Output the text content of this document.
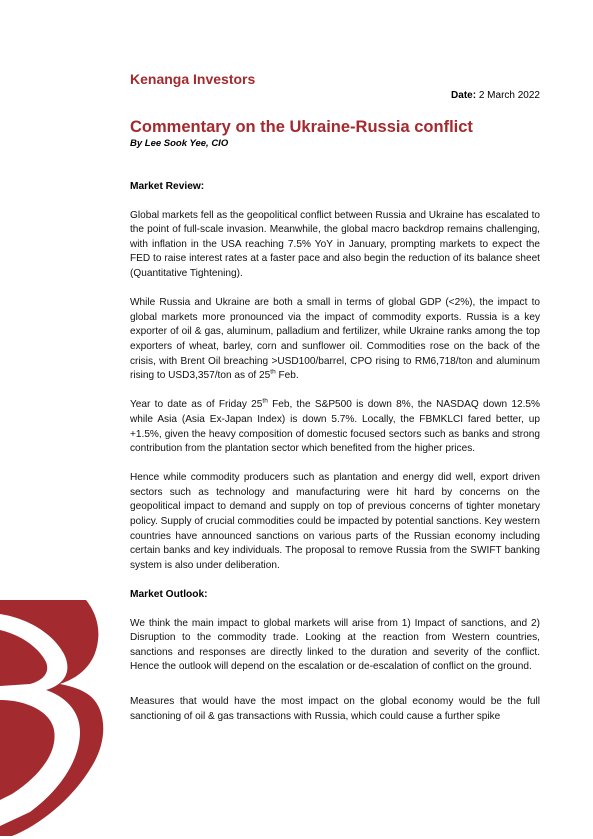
Kenanga Investors
Date: 2 March 2022
Commentary on the Ukraine-Russia conflict
By Lee Sook Yee, CIO
Market Review:

Global markets fell as the geopolitical conflict between Russia and Ukraine has escalated to the point of full-scale invasion. Meanwhile, the global macro backdrop remains challenging, with inflation in the USA reaching 7.5% YoY in January, prompting markets to expect the FED to raise interest rates at a faster pace and also begin the reduction of its balance sheet (Quantitative Tightening).

While Russia and Ukraine are both a small in terms of global GDP (<2%), the impact to global markets more pronounced via the impact of commodity exports. Russia is a key exporter of oil & gas, aluminum, palladium and fertilizer, while Ukraine ranks among the top exporters of wheat, barley, corn and sunflower oil. Commodities rose on the back of the crisis, with Brent Oil breaching >USD100/barrel, CPO rising to RM6,718/ton and aluminum rising to USD3,357/ton as of 25th Feb.

Year to date as of Friday 25th Feb, the S&P500 is down 8%, the NASDAQ down 12.5% while Asia (Asia Ex-Japan Index) is down 5.7%. Locally, the FBMKLCI fared better, up +1.5%, given the heavy composition of domestic focused sectors such as banks and strong contribution from the plantation sector which benefited from the higher prices.

Hence while commodity producers such as plantation and energy did well, export driven sectors such as technology and manufacturing were hit hard by concerns on the geopolitical impact to demand and supply on top of previous concerns of tighter monetary policy. Supply of crucial commodities could be impacted by potential sanctions. Key western countries have announced sanctions on various parts of the Russian economy including certain banks and key individuals. The proposal to remove Russia from the SWIFT banking system is also under deliberation.

Market Outlook:

We think the main impact to global markets will arise from 1) Impact of sanctions, and 2) Disruption to the commodity trade. Looking at the reaction from Western countries, sanctions and responses are directly linked to the duration and severity of the conflict. Hence the outlook will depend on the escalation or de-escalation of conflict on the ground.

Measures that would have the most impact on the global economy would be the full sanctioning of oil & gas transactions with Russia, which could cause a further spike
